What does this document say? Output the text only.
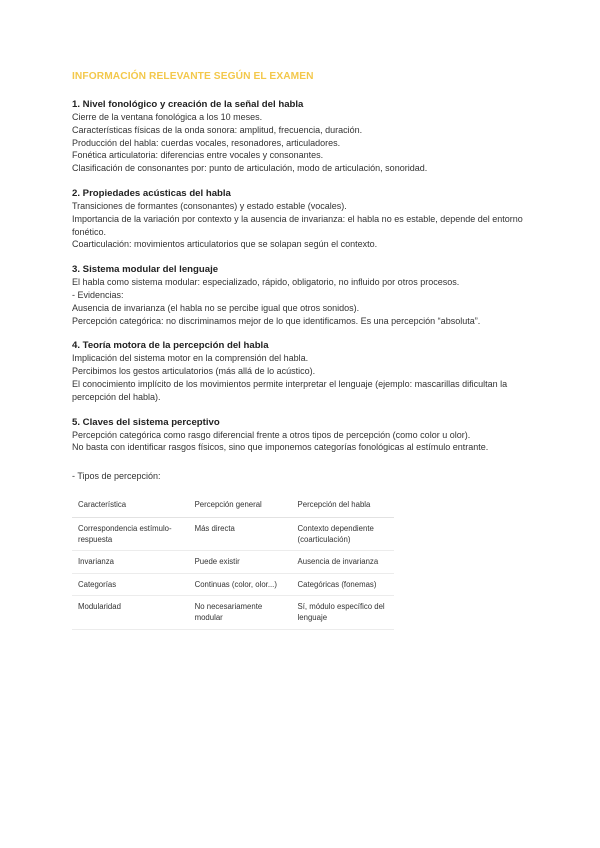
INFORMACIÓN RELEVANTE SEGÚN EL EXAMEN
1. Nivel fonológico y creación de la señal del habla

Cierre de la ventana fonológica a los 10 meses.

Características físicas de la onda sonora: amplitud, frecuencia, duración.

Producción del habla: cuerdas vocales, resonadores, articuladores.

Fonética articulatoria: diferencias entre vocales y consonantes.

Clasificación de consonantes por: punto de articulación, modo de articulación, sonoridad.

2. Propiedades acústicas del habla

Transiciones de formantes (consonantes) y estado estable (vocales).

Importancia de la variación por contexto y la ausencia de invarianza: el habla no es estable, depende del entorno fonético.

Coarticulación: movimientos articulatorios que se solapan según el contexto.

3. Sistema modular del lenguaje

El habla como sistema modular: especializado, rápido, obligatorio, no influido por otros procesos.

- Evidencias:

Ausencia de invarianza (el habla no se percibe igual que otros sonidos).

Percepción categórica: no discriminamos mejor de lo que identificamos. Es una percepción “absoluta”.

4. Teoría motora de la percepción del habla

Implicación del sistema motor en la comprensión del habla.

Percibimos los gestos articulatorios (más allá de lo acústico).

El conocimiento implícito de los movimientos permite interpretar el lenguaje (ejemplo: mascarillas dificultan la percepción del habla).

5. Claves del sistema perceptivo

Percepción categórica como rasgo diferencial frente a otros tipos de percepción (como color u olor).

No basta con identificar rasgos físicos, sino que imponemos categorías fonológicas al estímulo entrante.

- Tipos de percepción:
Característica	Percepción general	Percepción del habla
Correspondencia estímulo-respuesta	Más directa	Contexto dependiente (coarticulación)
Invarianza	Puede existir	Ausencia de invarianza
Categorías	Continuas (color, olor...)	Categóricas (fonemas)
Modularidad	No necesariamente modular	Sí, módulo específico del lenguaje
